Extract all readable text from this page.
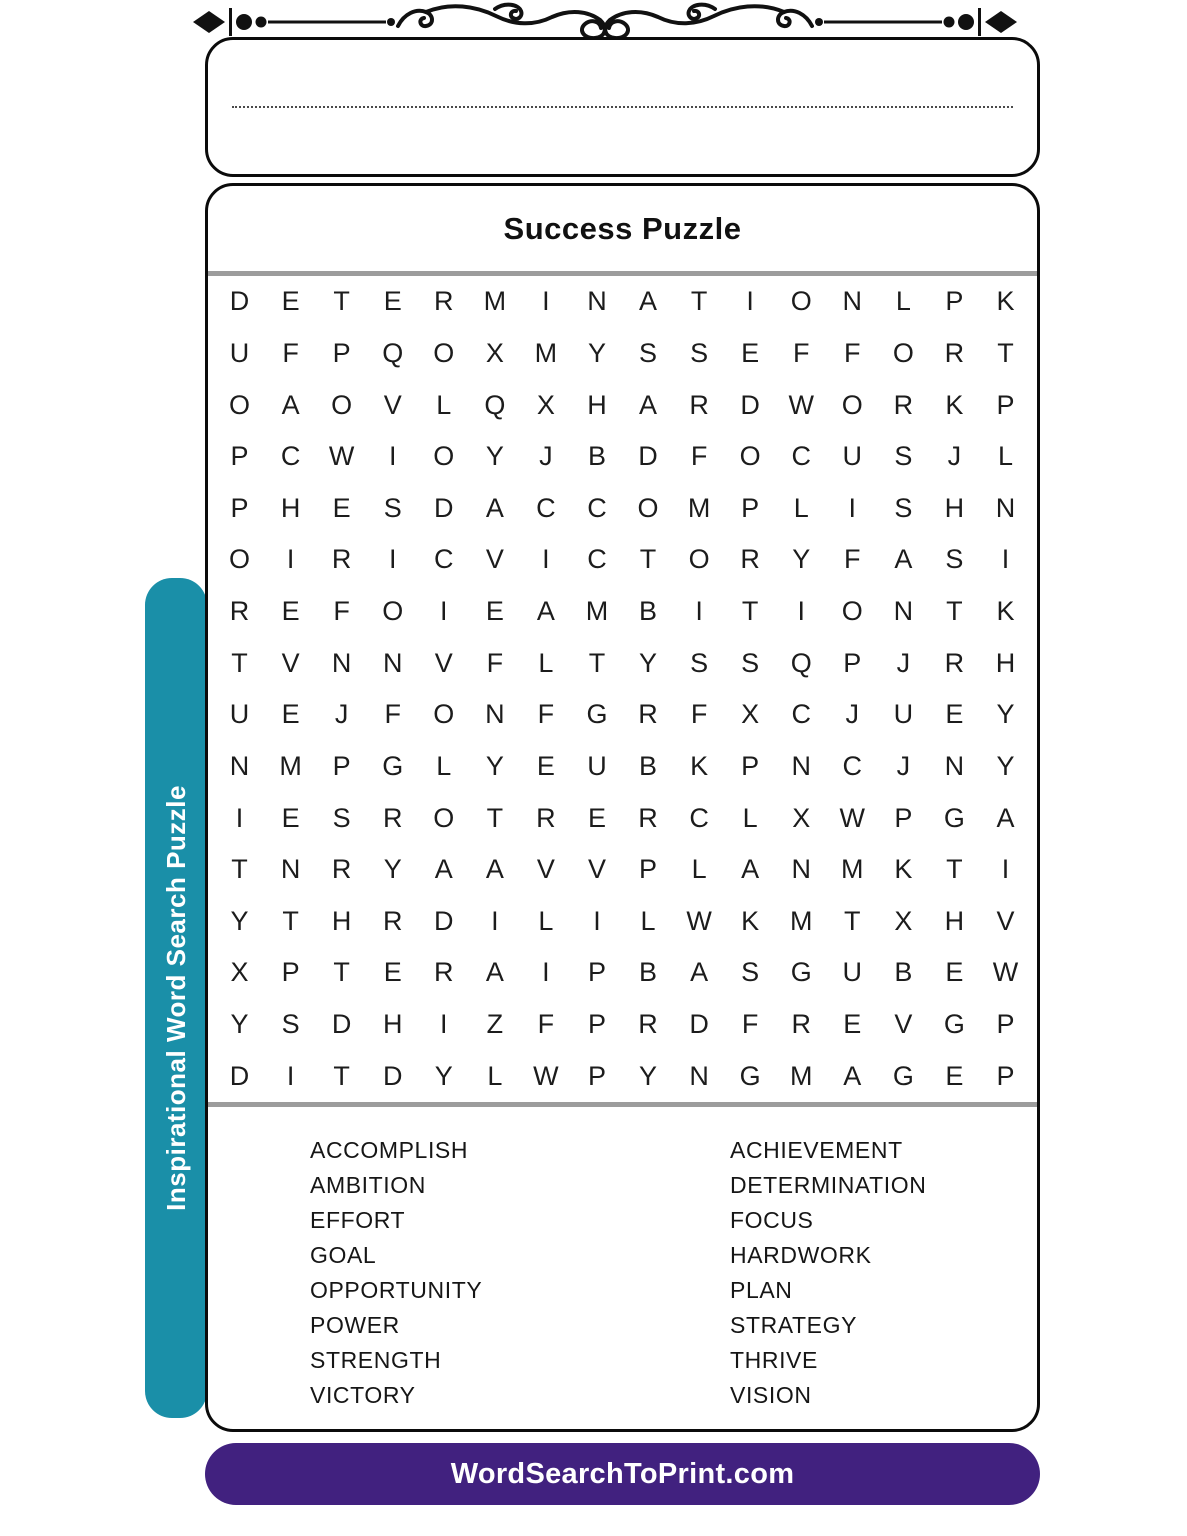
Inspirational Word Search Puzzle
Success Puzzle
D	E	T	E	R	M	I	N	A	T	I	O	N	L	P	K
U	F	P	Q	O	X	M	Y	S	S	E	F	F	O	R	T
O	A	O	V	L	Q	X	H	A	R	D	W	O	R	K	P
P	C	W	I	O	Y	J	B	D	F	O	C	U	S	J	L
P	H	E	S	D	A	C	C	O	M	P	L	I	S	H	N
O	I	R	I	C	V	I	C	T	O	R	Y	F	A	S	I
R	E	F	O	I	E	A	M	B	I	T	I	O	N	T	K
T	V	N	N	V	F	L	T	Y	S	S	Q	P	J	R	H
U	E	J	F	O	N	F	G	R	F	X	C	J	U	E	Y
N	M	P	G	L	Y	E	U	B	K	P	N	C	J	N	Y
I	E	S	R	O	T	R	E	R	C	L	X	W	P	G	A
T	N	R	Y	A	A	V	V	P	L	A	N	M	K	T	I
Y	T	H	R	D	I	L	I	L	W	K	M	T	X	H	V
X	P	T	E	R	A	I	P	B	A	S	G	U	B	E	W
Y	S	D	H	I	Z	F	P	R	D	F	R	E	V	G	P
D	I	T	D	Y	L	W	P	Y	N	G	M	A	G	E	P
ACCOMPLISH
AMBITION
EFFORT
GOAL
OPPORTUNITY
POWER
STRENGTH
VICTORY
ACHIEVEMENT
DETERMINATION
FOCUS
HARDWORK
PLAN
STRATEGY
THRIVE
VISION
WordSearchToPrint.com
